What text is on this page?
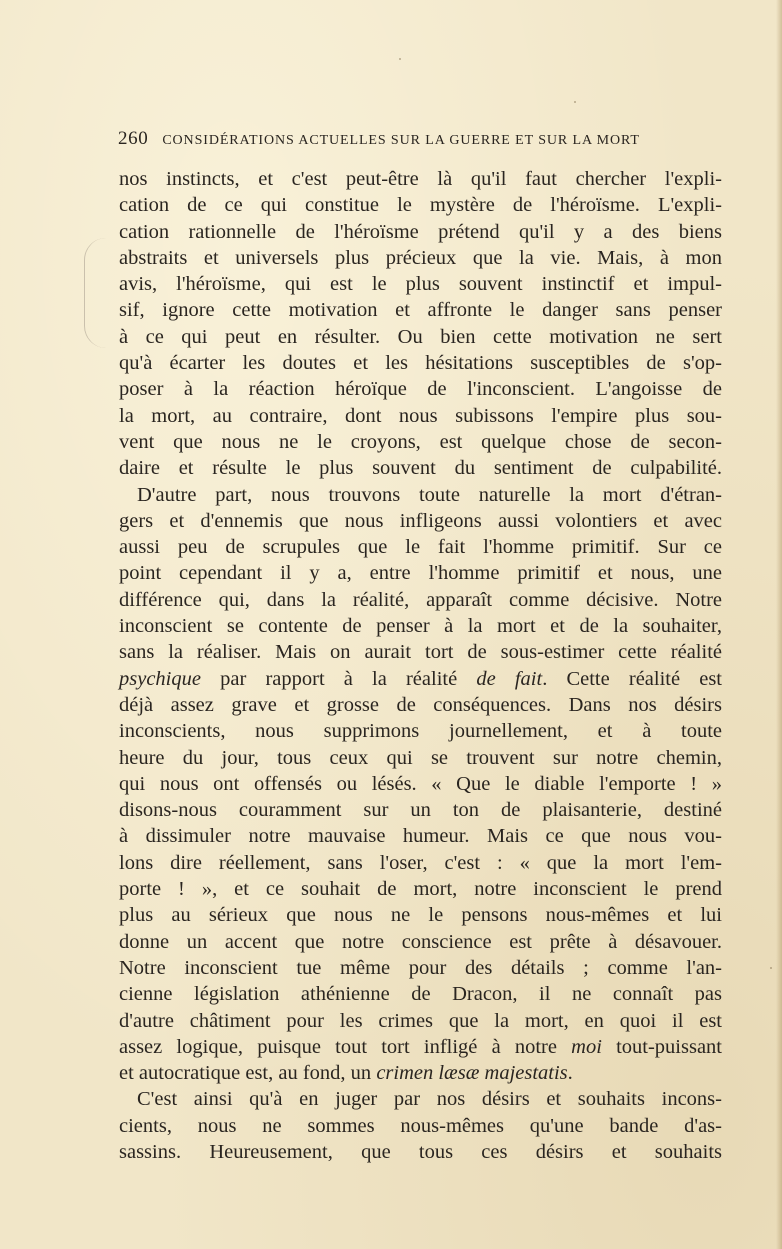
260 CONSIDÉRATIONS ACTUELLES SUR LA GUERRE ET SUR LA MORT
nos instincts, et c'est peut-être là qu'il faut chercher l'expli-
cation de ce qui constitue le mystère de l'héroïsme. L'expli-
cation rationnelle de l'héroïsme prétend qu'il y a des biens
abstraits et universels plus précieux que la vie. Mais, à mon
avis, l'héroïsme, qui est le plus souvent instinctif et impul-
sif, ignore cette motivation et affronte le danger sans penser
à ce qui peut en résulter. Ou bien cette motivation ne sert
qu'à écarter les doutes et les hésitations susceptibles de s'op-
poser à la réaction héroïque de l'inconscient. L'angoisse de
la mort, au contraire, dont nous subissons l'empire plus sou-
vent que nous ne le croyons, est quelque chose de secon-
daire et résulte le plus souvent du sentiment de culpabilité.
D'autre part, nous trouvons toute naturelle la mort d'étran-
gers et d'ennemis que nous infligeons aussi volontiers et avec
aussi peu de scrupules que le fait l'homme primitif. Sur ce
point cependant il y a, entre l'homme primitif et nous, une
différence qui, dans la réalité, apparaît comme décisive. Notre
inconscient se contente de penser à la mort et de la souhaiter,
sans la réaliser. Mais on aurait tort de sous-estimer cette réalité
psychique par rapport à la réalité de fait. Cette réalité est
déjà assez grave et grosse de conséquences. Dans nos désirs
inconscients, nous supprimons journellement, et à toute
heure du jour, tous ceux qui se trouvent sur notre chemin,
qui nous ont offensés ou lésés. « Que le diable l'emporte ! »
disons-nous couramment sur un ton de plaisanterie, destiné
à dissimuler notre mauvaise humeur. Mais ce que nous vou-
lons dire réellement, sans l'oser, c'est : « que la mort l'em-
porte ! », et ce souhait de mort, notre inconscient le prend
plus au sérieux que nous ne le pensons nous-mêmes et lui
donne un accent que notre conscience est prête à désavouer.
Notre inconscient tue même pour des détails ; comme l'an-
cienne législation athénienne de Dracon, il ne connaît pas
d'autre châtiment pour les crimes que la mort, en quoi il est
assez logique, puisque tout tort infligé à notre moi tout-puissant
et autocratique est, au fond, un crimen læsæ majestatis.
C'est ainsi qu'à en juger par nos désirs et souhaits incons-
cients, nous ne sommes nous-mêmes qu'une bande d'as-
sassins. Heureusement, que tous ces désirs et souhaits
